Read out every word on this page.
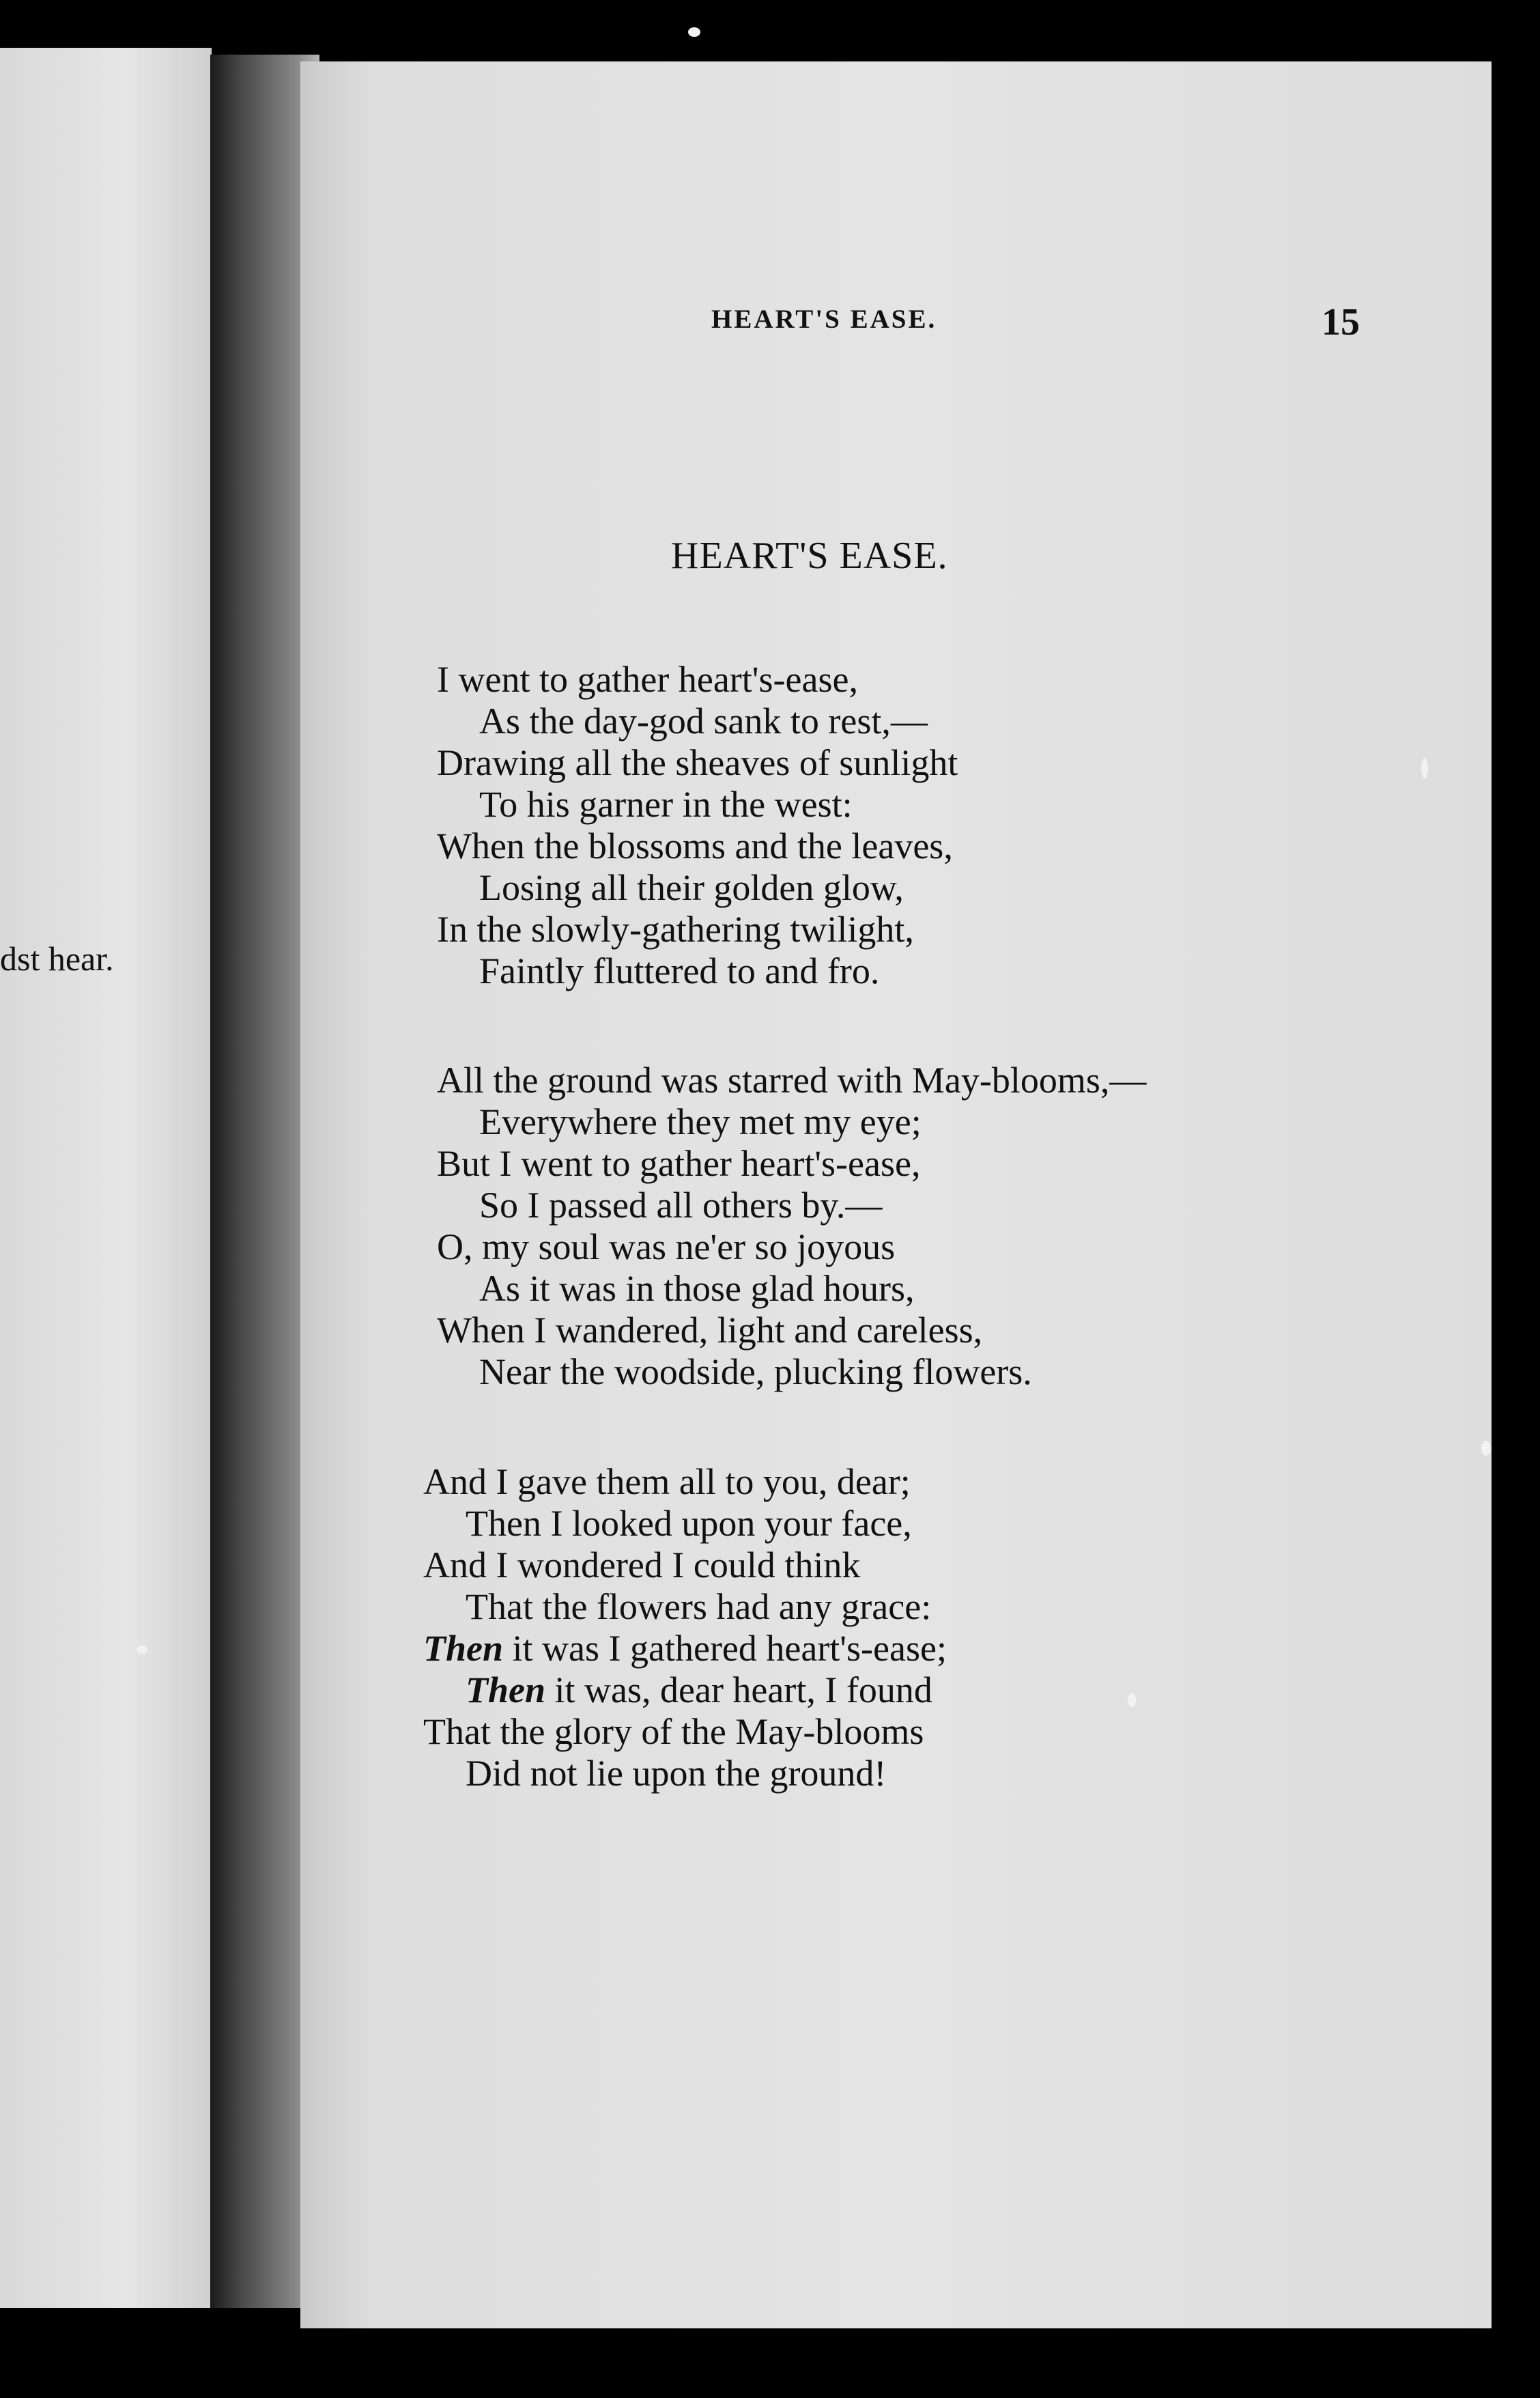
dst hear.
HEART'S EASE.	15
HEART'S EASE.
I went to gather heart's-ease,
As the day-god sank to rest,—
Drawing all the sheaves of sunlight
To his garner in the west:
When the blossoms and the leaves,
Losing all their golden glow,
In the slowly-gathering twilight,
Faintly fluttered to and fro.
All the ground was starred with May-blooms,—
Everywhere they met my eye;
But I went to gather heart's-ease,
So I passed all others by.—
O, my soul was ne'er so joyous
As it was in those glad hours,
When I wandered, light and careless,
Near the woodside, plucking flowers.
And I gave them all to you, dear;
Then I looked upon your face,
And I wondered I could think
That the flowers had any grace:
Then it was I gathered heart's-ease;
Then it was, dear heart, I found
That the glory of the May-blooms
Did not lie upon the ground!
